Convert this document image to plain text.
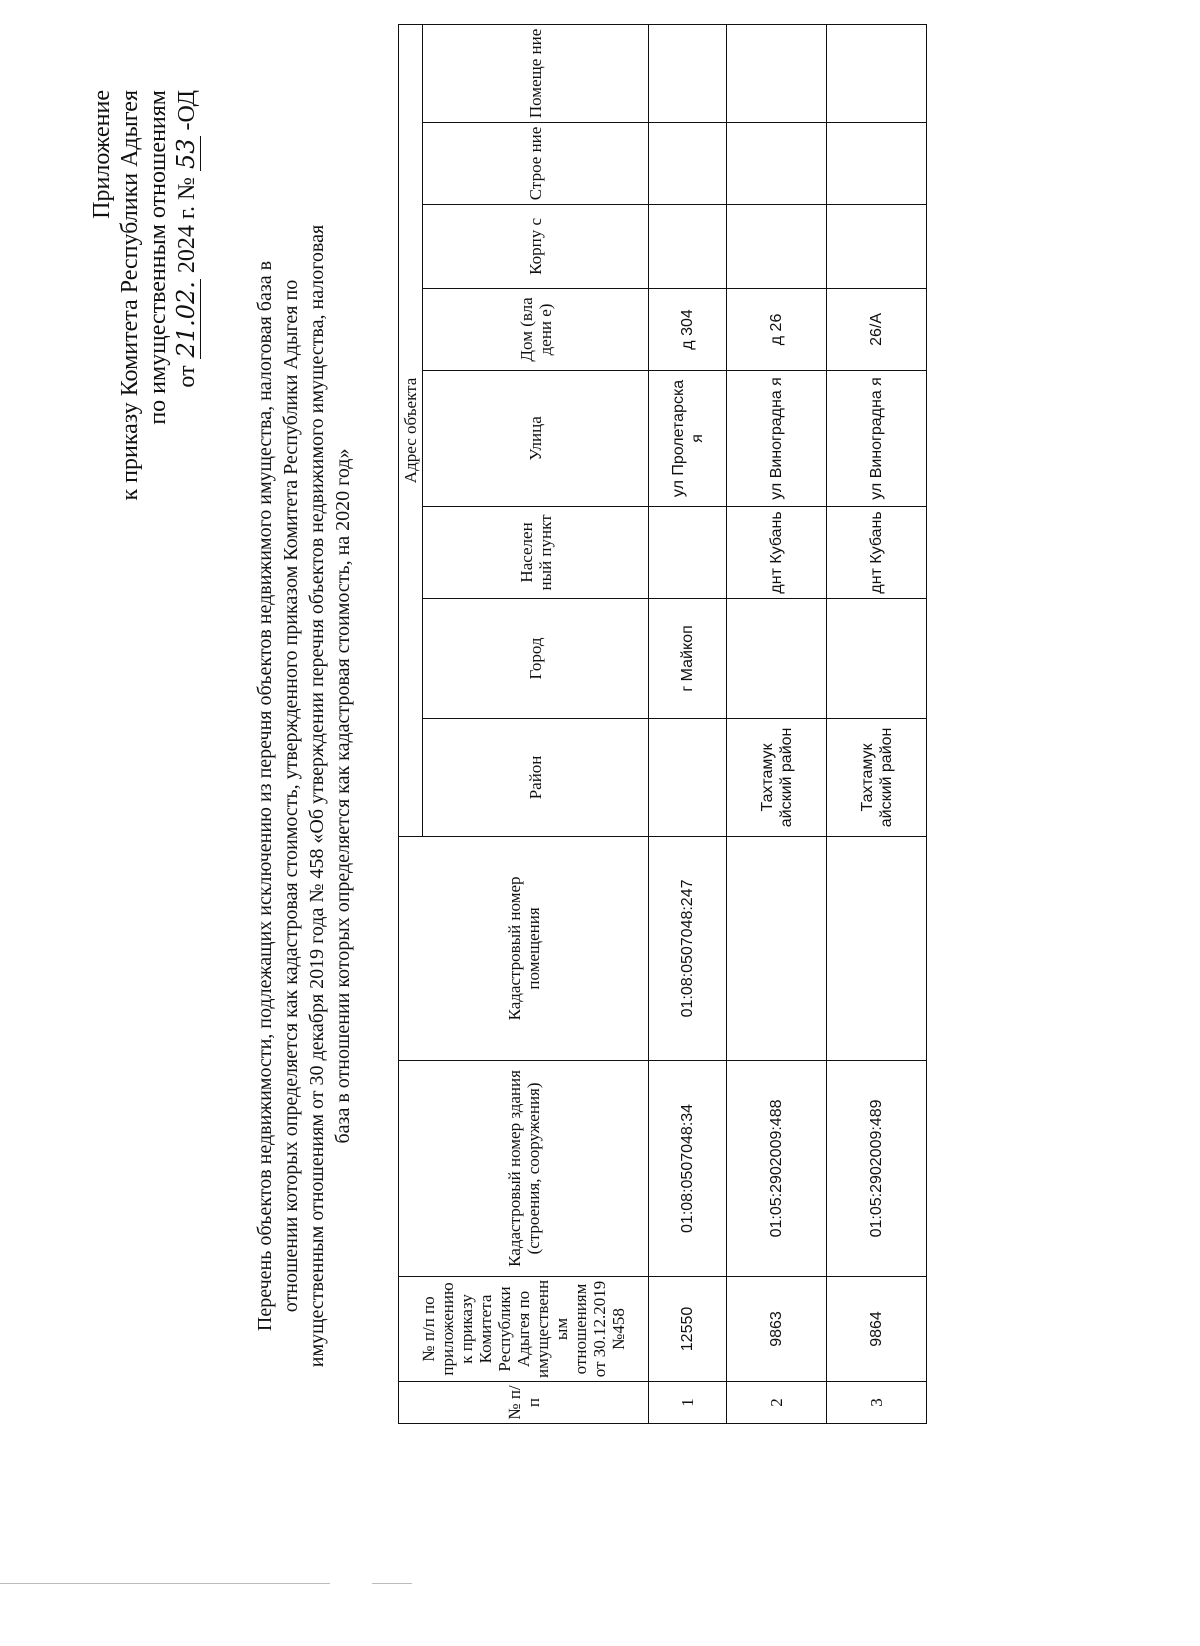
Приложение к приказу Комитета Республики Адыгея по имущественным отношениям от 21.02. 2024 г. № 53 -ОД
Перечень объектов недвижимости, подлежащих исключению из перечня объектов недвижимого имущества, налоговая база в отношении которых определяется как кадастровая стоимость, утвержденного приказом Комитета Республики Адыгея по имущественным отношениям от 30 декабря 2019 года № 458 «Об утверждении перечня объектов недвижимого имущества, налоговая база в отношении которых определяется как кадастровая стоимость, на 2020 год»
№ п/п	№ п/п по приложению к приказу Комитета Республики Адыгея по имущественн ым отношениям от 30.12.2019 №458	Кадастровый номер здания (строения, сооружения)	Кадастровый номер помещения	Адрес объекта							
				Район	Город	Населен ный пункт	Улица	Дом (вла дени е)	Корпу с	Строе ние	Помеще ние
1	12550	01:08:0507048:34	01:08:0507048:247		г Майкоп		ул Пролетарска я	д 304			
2	9863	01:05:2902009:488		Тахтамук айский район		днт Кубань	ул Виноградна я	д 26			
3	9864	01:05:2902009:489		Тахтамук айский район		днт Кубань	ул Виноградна я	26/А			
